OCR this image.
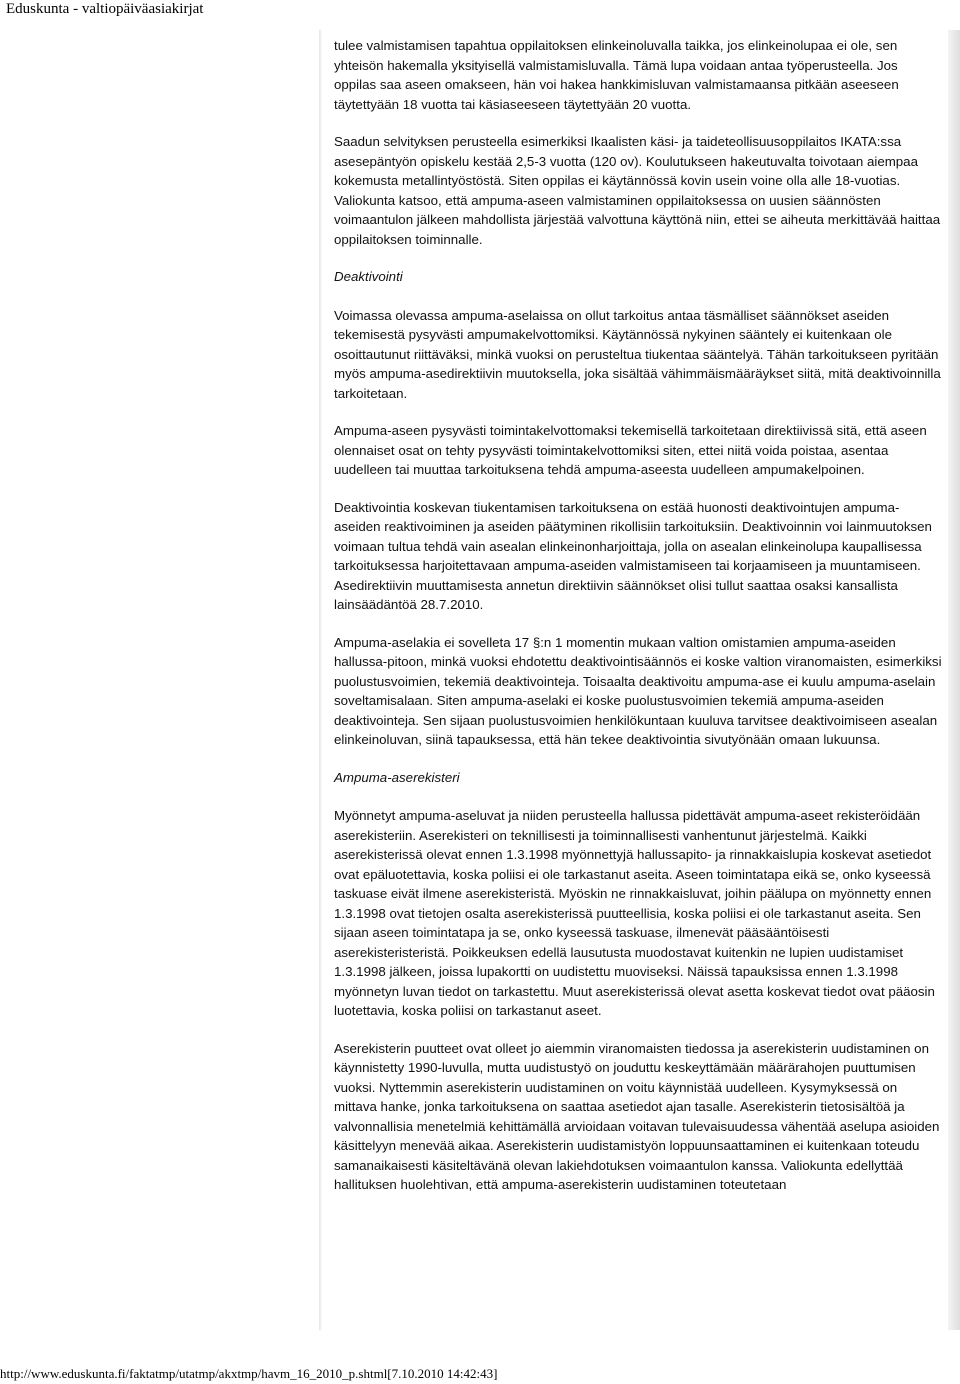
Eduskunta - valtiopäiväasiakirjat

tulee valmistamisen tapahtua oppilaitoksen elinkeinoluvalla taikka, jos elinkeinolupaa ei ole, sen yhteisön hakemalla yksityisellä valmistamisluvalla. Tämä lupa voidaan antaa työperusteella. Jos oppilas saa aseen omakseen, hän voi hakea hankkimisluvan valmistamaansa pitkään aseeseen täytettyään 18 vuotta tai käsiaseeseen täytettyään 20 vuotta.

Saadun selvityksen perusteella esimerkiksi Ikaalisten käsi- ja taideteollisuusoppilaitos IKATA:ssa asesepäntyön opiskelu kestää 2,5-3 vuotta (120 ov). Koulutukseen hakeutuvalta toivotaan aiempaa kokemusta metallintyöstöstä. Siten oppilas ei käytännössä kovin usein voine olla alle 18-vuotias. Valiokunta katsoo, että ampuma-aseen valmistaminen oppilaitoksessa on uusien säännösten voimaantulon jälkeen mahdollista järjestää valvottuna käyttönä niin, ettei se aiheuta merkittävää haittaa oppilaitoksen toiminnalle.

Deaktivointi

Voimassa olevassa ampuma-aselaissa on ollut tarkoitus antaa täsmälliset säännökset aseiden tekemisestä pysyvästi ampumakelvottomiksi. Käytännössä nykyinen sääntely ei kuitenkaan ole osoittautunut riittäväksi, minkä vuoksi on perusteltua tiukentaa sääntelyä. Tähän tarkoitukseen pyritään myös ampuma-asedirektiivin muutoksella, joka sisältää vähimmäismääräykset siitä, mitä deaktivoinnilla tarkoitetaan.

Ampuma-aseen pysyvästi toimintakelvottomaksi tekemisellä tarkoitetaan direktiivissä sitä, että aseen olennaiset osat on tehty pysyvästi toimintakelvottomiksi siten, ettei niitä voida poistaa, asentaa uudelleen tai muuttaa tarkoituksena tehdä ampuma-aseesta uudelleen ampumakelpoinen.

Deaktivointia koskevan tiukentamisen tarkoituksena on estää huonosti deaktivointujen ampuma-aseiden reaktivoiminen ja aseiden päätyminen rikollisiin tarkoituksiin. Deaktivoinnin voi lainmuutoksen voimaan tultua tehdä vain asealan elinkeinonharjoittaja, jolla on asealan elinkeinolupa kaupallisessa tarkoituksessa harjoitettavaan ampuma-aseiden valmistamiseen tai korjaamiseen ja muuntamiseen. Asedirektiivin muuttamisesta annetun direktiivin säännökset olisi tullut saattaa osaksi kansallista lainsäädäntöä 28.7.2010.

Ampuma-aselakia ei sovelleta 17 §:n 1 momentin mukaan valtion omistamien ampuma-aseiden hallussa-pitoon, minkä vuoksi ehdotettu deaktivointisäännös ei koske valtion viranomaisten, esimerkiksi puolustusvoimien, tekemiä deaktivointeja. Toisaalta deaktivoitu ampuma-ase ei kuulu ampuma-aselain soveltamisalaan. Siten ampuma-aselaki ei koske puolustusvoimien tekemiä ampuma-aseiden deaktivointeja. Sen sijaan puolustusvoimien henkilökuntaan kuuluva tarvitsee deaktivoimiseen asealan elinkeinoluvan, siinä tapauksessa, että hän tekee deaktivointia sivutyönään omaan lukuunsa.

Ampuma-aserekisteri

Myönnetyt ampuma-aseluvat ja niiden perusteella hallussa pidettävät ampuma-aseet rekisteröidään aserekisteriin. Aserekisteri on teknillisesti ja toiminnallisesti vanhentunut järjestelmä. Kaikki aserekisterissä olevat ennen 1.3.1998 myönnettyjä hallussapito- ja rinnakkaislupia koskevat asetiedot ovat epäluotettavia, koska poliisi ei ole tarkastanut aseita. Aseen toimintatapa eikä se, onko kyseessä taskuase eivät ilmene aserekisteristä. Myöskin ne rinnakkaisluvat, joihin päälupa on myönnetty ennen 1.3.1998 ovat tietojen osalta aserekisterissä puutteellisia, koska poliisi ei ole tarkastanut aseita. Sen sijaan aseen toimintatapa ja se, onko kyseessä taskuase, ilmenevät pääsääntöisesti aserekisteristeristä. Poikkeuksen edellä lausutusta muodostavat kuitenkin ne lupien uudistamiset 1.3.1998 jälkeen, joissa lupakortti on uudistettu muoviseksi. Näissä tapauksissa ennen 1.3.1998 myönnetyn luvan tiedot on tarkastettu. Muut aserekisterissä olevat asetta koskevat tiedot ovat pääosin luotettavia, koska poliisi on tarkastanut aseet.

Aserekisterin puutteet ovat olleet jo aiemmin viranomaisten tiedossa ja aserekisterin uudistaminen on käynnistetty 1990-luvulla, mutta uudistustyö on jouduttu keskeyttämään määrärahojen puuttumisen vuoksi. Nyttemmin aserekisterin uudistaminen on voitu käynnistää uudelleen. Kysymyksessä on mittava hanke, jonka tarkoituksena on saattaa asetiedot ajan tasalle. Aserekisterin tietosisältöä ja valvonnallisia menetelmiä kehittämällä arvioidaan voitavan tulevaisuudessa vähentää aselupa asioiden käsittelyyn menevää aikaa. Aserekisterin uudistamistyön loppuunsaattaminen ei kuitenkaan toteudu samanaikaisesti käsiteltävänä olevan lakiehdotuksen voimaantulon kanssa. Valiokunta edellyttää hallituksen huolehtivan, että ampuma-aserekisterin uudistaminen toteutetaan

http://www.eduskunta.fi/faktatmp/utatmp/akxtmp/havm_16_2010_p.shtml[7.10.2010 14:42:43]
